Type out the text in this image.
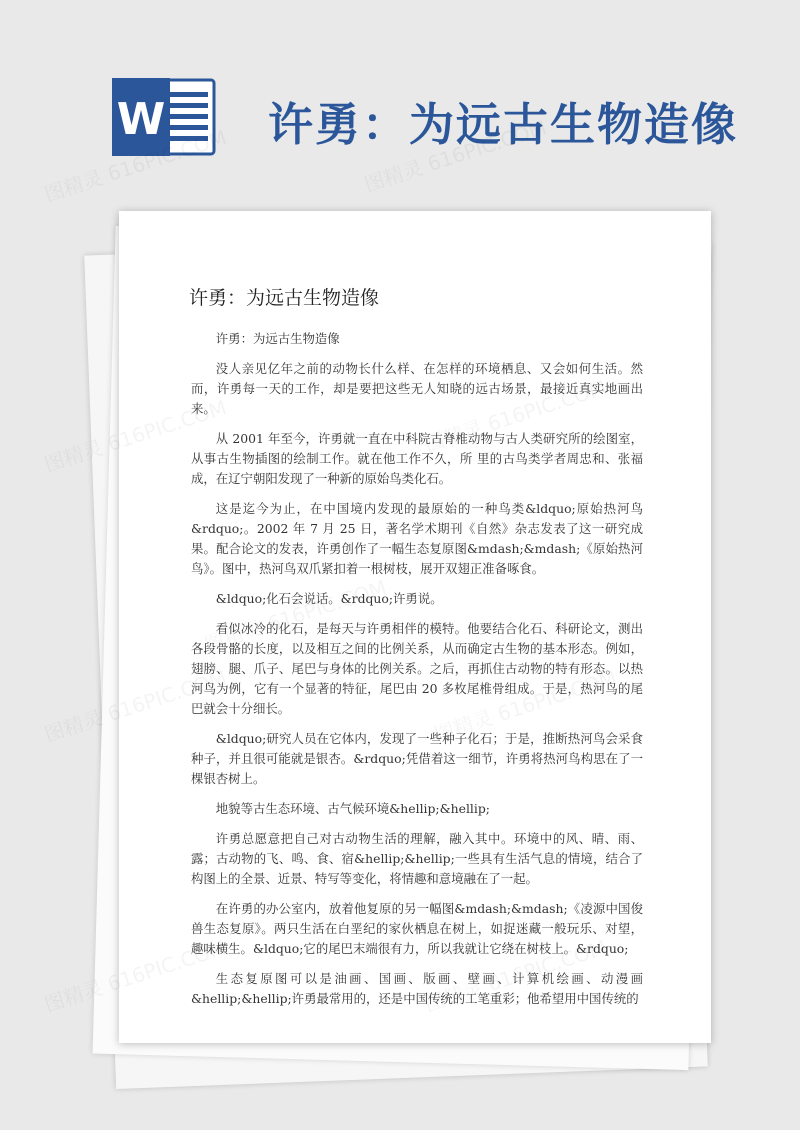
W 许勇：为远古生物造像
许勇：为远古生物造像

许勇：为远古生物造像

没人亲见亿年之前的动物长什么样、在怎样的环境栖息、又会如何生活。然而，许勇每一天的工作，却是要把这些无人知晓的远古场景，最接近真实地画出来。

从 2001 年至今，许勇就一直在中科院古脊椎动物与古人类研究所的绘图室，从事古生物插图的绘制工作。就在他工作不久，所 里的古鸟类学者周忠和、张福成，在辽宁朝阳发现了一种新的原始鸟类化石。

这是迄今为止，在中国境内发现的最原始的一种鸟类&ldquo;原始热河鸟&rdquo;。2002 年 7 月 25 日，著名学术期刊《自然》杂志发表了这一研究成果。配合论文的发表，许勇创作了一幅生态复原图&mdash;&mdash;《原始热河鸟》。图中，热河鸟双爪紧扣着一根树枝，展开双翅正准备啄食。

&ldquo;化石会说话。&rdquo;许勇说。

看似冰冷的化石，是每天与许勇相伴的模特。他要结合化石、科研论文，测出各段骨骼的长度，以及相互之间的比例关系，从而确定古生物的基本形态。例如，翅膀、腿、爪子、尾巴与身体的比例关系。之后，再抓住古动物的特有形态。以热河鸟为例，它有一个显著的特征，尾巴由 20 多枚尾椎骨组成。于是，热河鸟的尾巴就会十分细长。

&ldquo;研究人员在它体内，发现了一些种子化石；于是，推断热河鸟会采食种子，并且很可能就是银杏。&rdquo;凭借着这一细节，许勇将热河鸟构思在了一棵银杏树上。

地貌等古生态环境、古气候环境&hellip;&hellip;

许勇总愿意把自己对古动物生活的理解，融入其中。环境中的风、晴、雨、露；古动物的飞、鸣、食、宿&hellip;&hellip;一些具有生活气息的情境，结合了构图上的全景、近景、特写等变化，将情趣和意境融在了一起。

在许勇的办公室内，放着他复原的另一幅图&mdash;&mdash;《凌源中国俊兽生态复原》。两只生活在白垩纪的家伙栖息在树上，如捉迷藏一般玩乐、对望，趣味横生。&ldquo;它的尾巴末端很有力，所以我就让它绕在树枝上。&rdquo;

生态复原图可以是油画、国画、版画、壁画、计算机绘画、动漫画&hellip;&hellip;许勇最常用的，还是中国传统的工笔重彩；他希望用中国传统的
